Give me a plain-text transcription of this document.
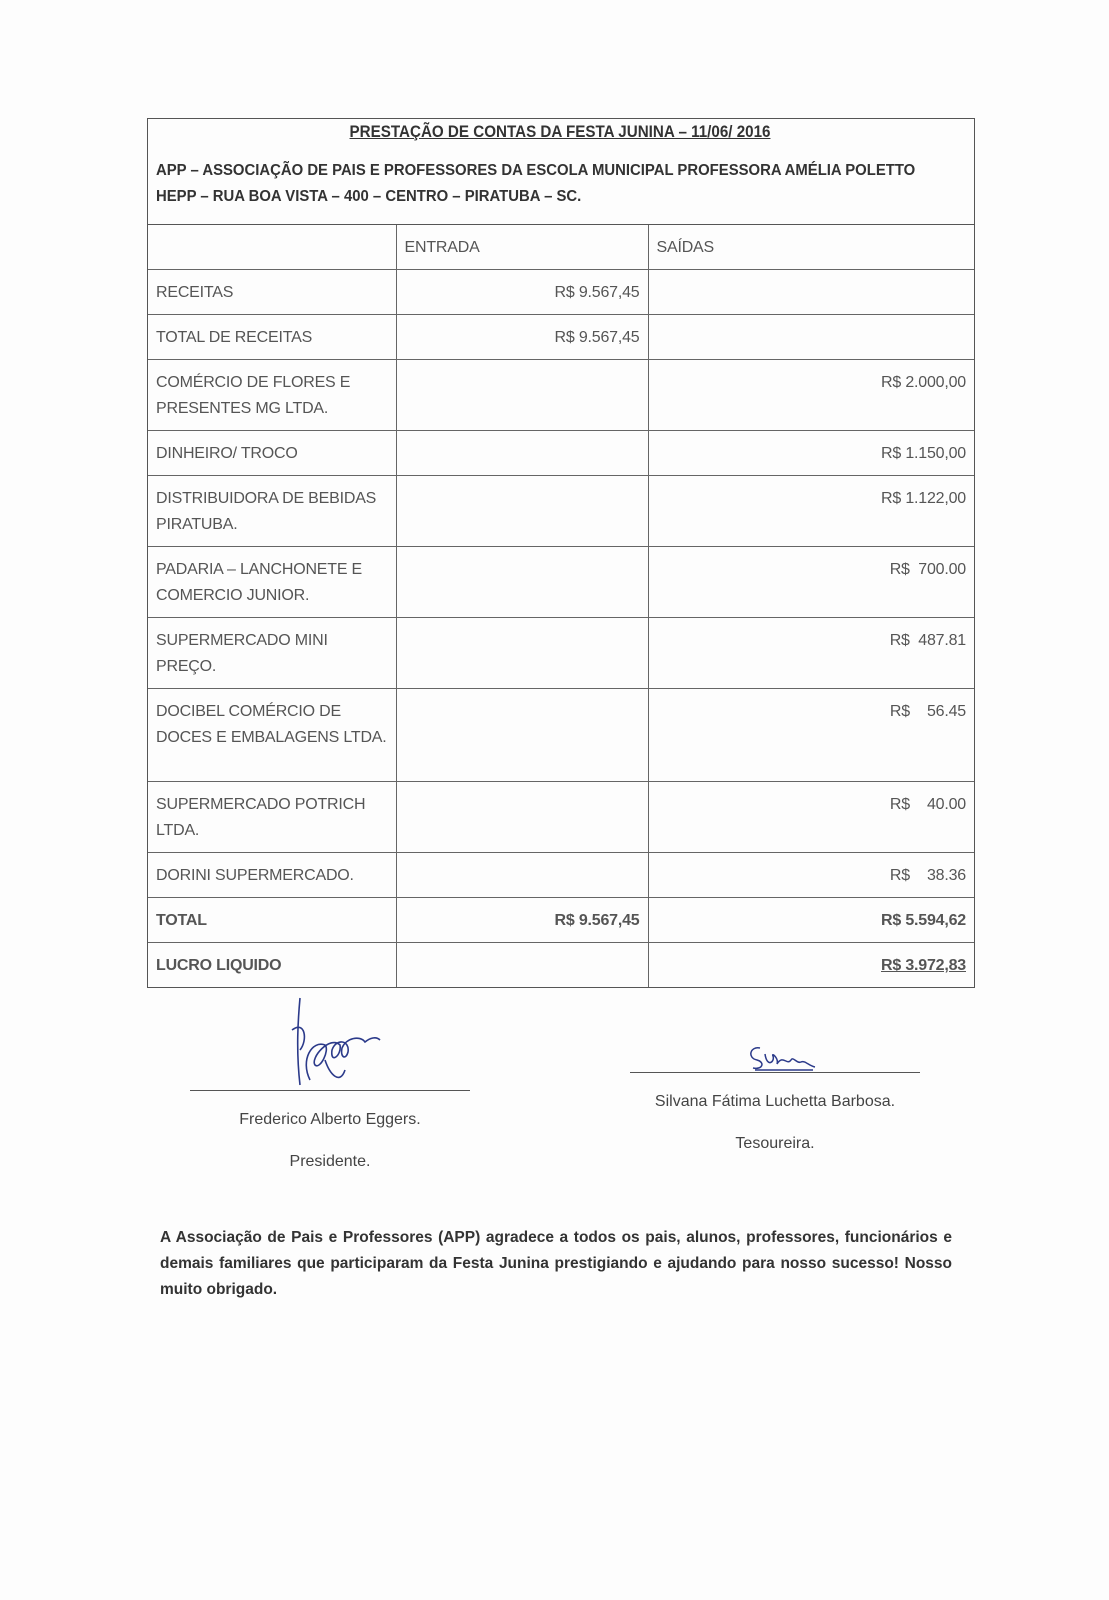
PRESTAÇÃO DE CONTAS DA FESTA JUNINA – 11/06/ 2016
APP – ASSOCIAÇÃO DE PAIS E PROFESSORES DA ESCOLA MUNICIPAL PROFESSORA AMÉLIA POLETTO HEPP – RUA BOA VISTA – 400 – CENTRO – PIRATUBA – SC.
	ENTRADA	SAÍDAS
RECEITAS	R$ 9.567,45	
TOTAL DE RECEITAS	R$ 9.567,45	
COMÉRCIO DE FLORES E PRESENTES MG LTDA.		R$ 2.000,00
DINHEIRO/ TROCO		R$ 1.150,00
DISTRIBUIDORA DE BEBIDAS PIRATUBA.		R$ 1.122,00
PADARIA – LANCHONETE E COMERCIO JUNIOR.		R$  700.00
SUPERMERCADO MINI PREÇO.		R$  487.81
DOCIBEL COMÉRCIO DE DOCES E EMBALAGENS LTDA.		R$    56.45
SUPERMERCADO POTRICH LTDA.		R$    40.00
DORINI SUPERMERCADO.		R$    38.36
TOTAL	R$ 9.567,45	R$ 5.594,62
LUCRO LIQUIDO		R$ 3.972,83
Frederico Alberto Eggers.
Presidente.
Silvana Fátima Luchetta Barbosa.
Tesoureira.
A Associação de Pais e Professores (APP) agradece a todos os pais, alunos, professores, funcionários e demais familiares que participaram da Festa Junina prestigiando e ajudando para nosso sucesso! Nosso muito obrigado.
